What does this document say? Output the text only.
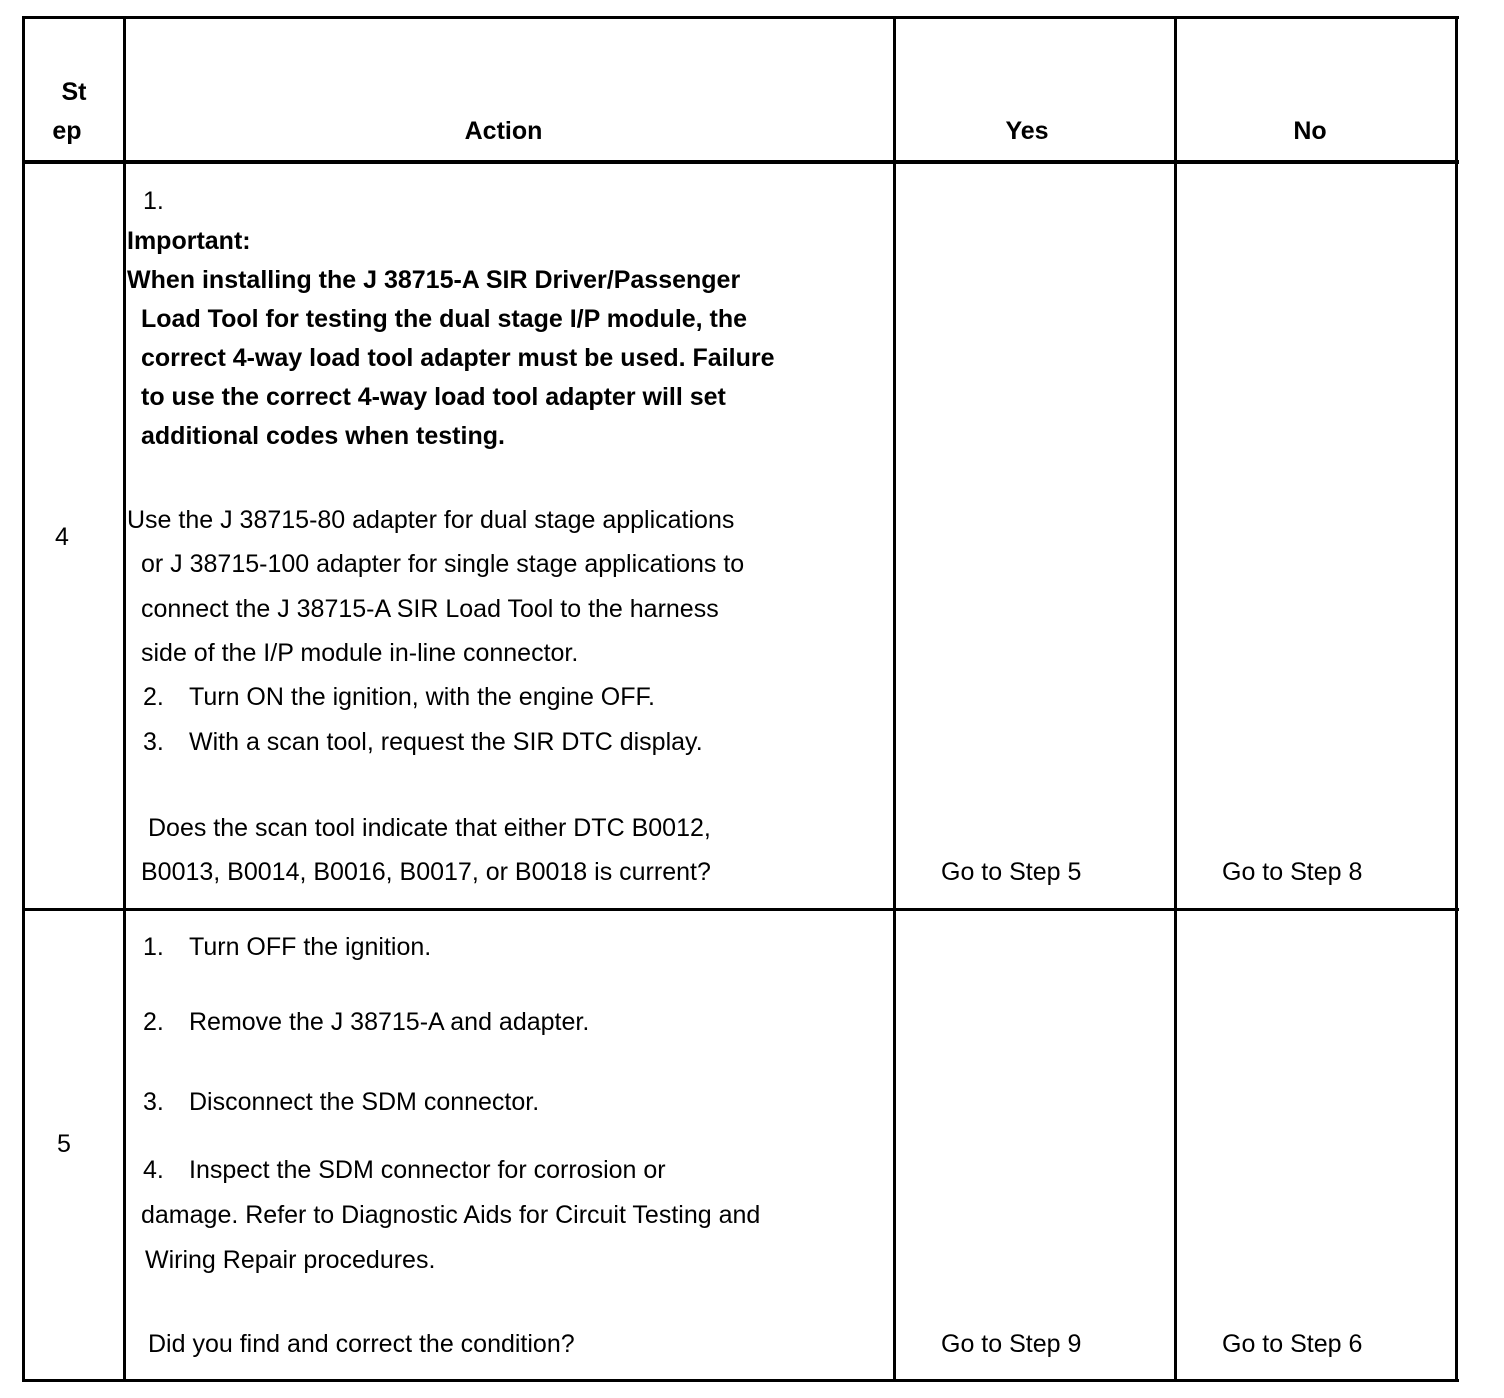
St
ep	Action	Yes	No
4
1.
Important:
When installing the J 38715-A SIR Driver/Passenger
Load Tool for testing the dual stage I/P module, the
correct 4-way load tool adapter must be used. Failure
to use the correct 4-way load tool adapter will set
additional codes when testing.
Use the J 38715-80 adapter for dual stage applications
or J 38715-100 adapter for single stage applications to
connect the J 38715-A SIR Load Tool to the harness
side of the I/P module in-line connector.
2. Turn ON the ignition, with the engine OFF.
3. With a scan tool, request the SIR DTC display.
Does the scan tool indicate that either DTC B0012,
B0013, B0014, B0016, B0017, or B0018 is current?	Go to Step 5	Go to Step 8
5
1. Turn OFF the ignition.
2. Remove the J 38715-A and adapter.
3. Disconnect the SDM connector.
4. Inspect the SDM connector for corrosion or
damage. Refer to Diagnostic Aids for Circuit Testing and
Wiring Repair procedures.
Did you find and correct the condition?	Go to Step 9	Go to Step 6
